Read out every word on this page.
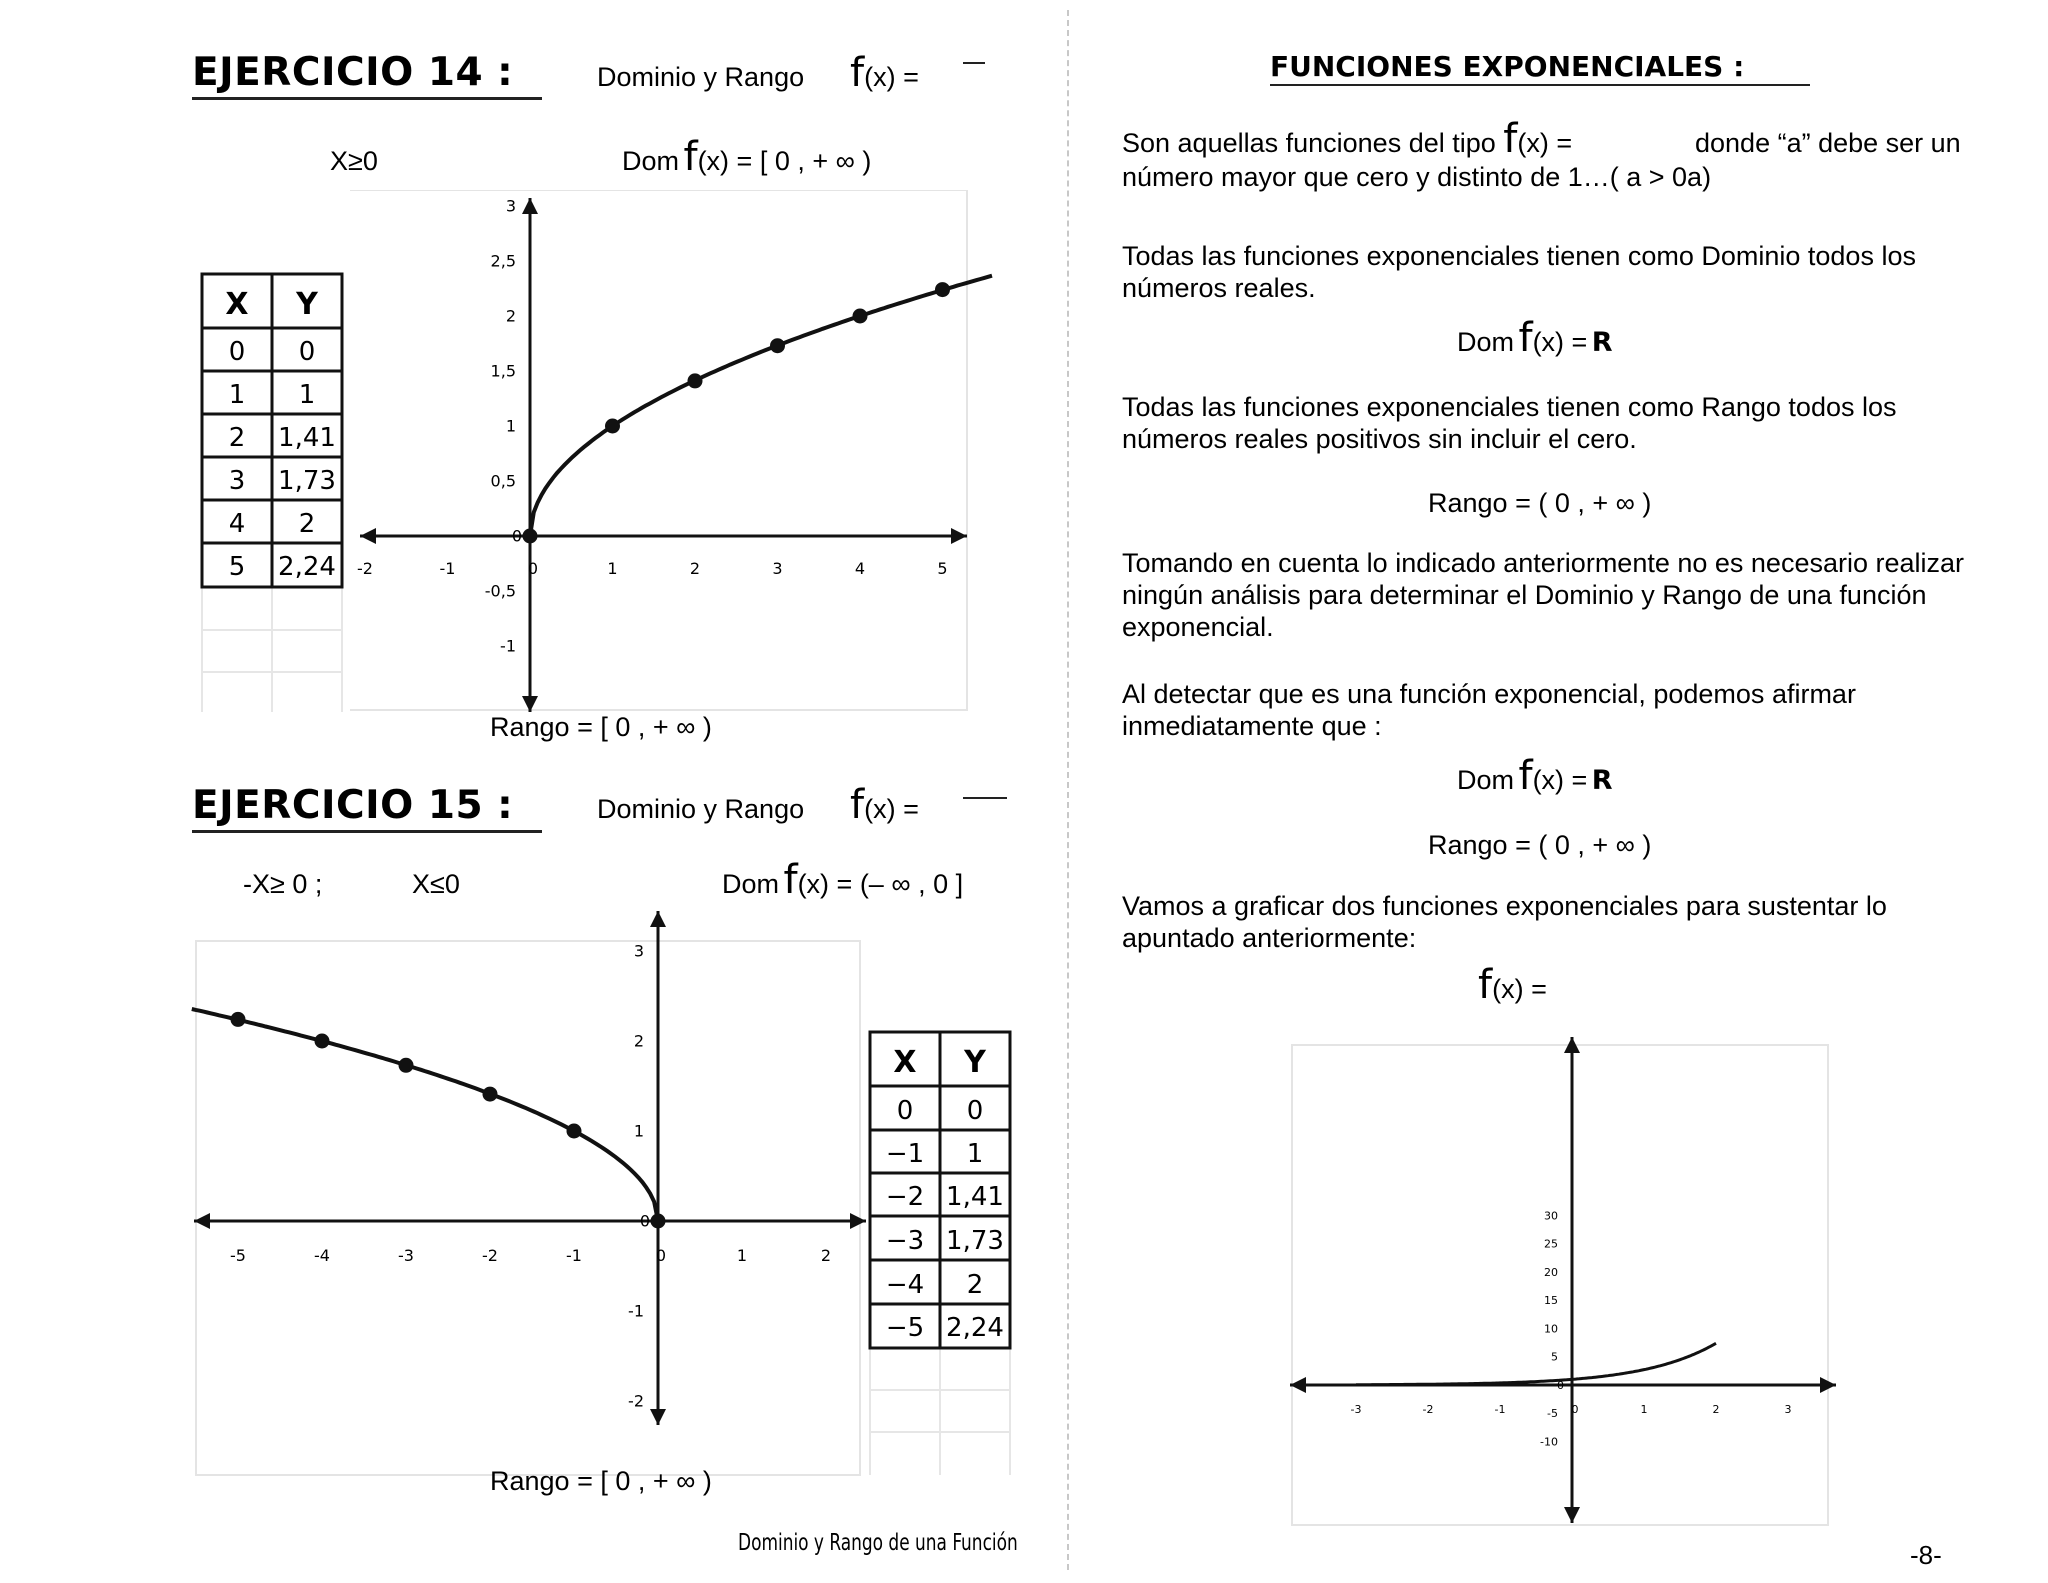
EJERCICIO 14 :	Dominio y Rango f(x) =
X≥0	Dom f(x) = [ 0 , + ∞ )
X Y
0 0
1 1
2 1,41
3 1,73
4 2
5 2,24 -2	-1	0	1	2	3	4	5
-1
-0,5
0
0,5
1
1,5
2
2,5
3
Rango = [ 0 , + ∞ )
EJERCICIO 15 :	Dominio y Rango f(x) =
-X≥ 0 ;	X≤0	Dom f(x) = (– ∞ , 0 ]
-5	-4	-3	-2	-1	0	1	2
-2
-1
0
1
2
3
X Y
0 0
−1 1
−2 1,41
−3 1,73
−4 2
−5 2,24
Rango = [ 0 , + ∞ )
Dominio y Rango de una Función
FUNCIONES EXPONENCIALES :
Son aquellas funciones del tipo f(x) =	donde “a” debe ser un
número mayor que cero y distinto de 1…( a > 0a)
Todas las funciones exponenciales tienen como Dominio todos los números reales.
Dom f(x) = R
Todas las funciones exponenciales tienen como Rango todos los números reales positivos sin incluir el cero.
Rango = ( 0 , + ∞ )
Tomando en cuenta lo indicado anteriormente no es necesario realizar ningún análisis para determinar el Dominio y Rango de una función exponencial.
Al detectar que es una función exponencial, podemos afirmar inmediatamente que :
Dom f(x) = R
Rango = ( 0 , + ∞ )
Vamos a graficar dos funciones exponenciales para sustentar lo apuntado anteriormente:
f(x) =
-3	-2	-1	0	1	2	3
-10
-5
0
5
10
15
20
25
30
-8-
